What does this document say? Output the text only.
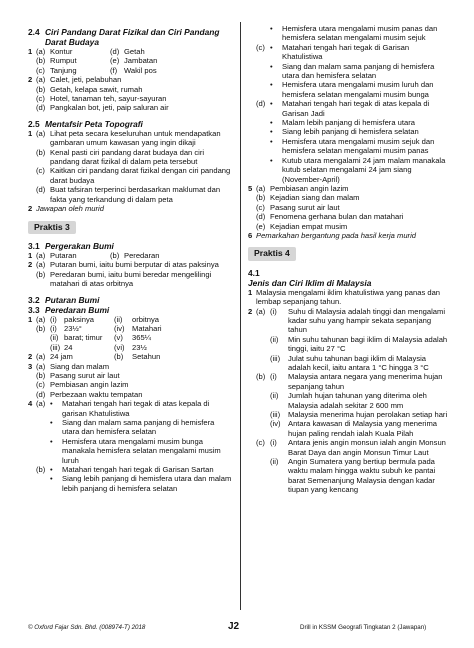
2.4 Ciri Pandang Darat Fizikal dan Ciri Pandang Darat Budaya
1 (a) Kontur	(d) Getah
(b) Rumput	(e) Jambatan
(c) Tanjung	(f) Wakil pos
2 (a) Calet, jeti, pelabuhan
(b) Getah, kelapa sawit, rumah
(c) Hotel, tanaman teh, sayur-sayuran
(d) Pangkalan bot, jeti, paip saluran air
2.5 Mentafsir Peta Topografi
1 (a) Lihat peta secara keseluruhan untuk mendapatkan gambaran umum kawasan yang ingin dikaji
(b) Kenal pasti ciri pandang darat budaya dan ciri pandang darat fizikal di dalam peta tersebut
(c) Kaitkan ciri pandang darat fizikal dengan ciri pandang darat budaya
(d) Buat tafsiran terperinci berdasarkan maklumat dan fakta yang terkandung di dalam peta
2 Jawapan oleh murid
Praktis 3
3.1 Pergerakan Bumi
1 (a) Putaran	(b) Peredaran
2 (a) Putaran bumi, iaitu bumi berputar di atas paksinya
(b) Peredaran bumi, iaitu bumi beredar mengelilingi matahari di atas orbitnya
3.2 Putaran Bumi
3.3 Peredaran Bumi
1 (a) (i) paksinya	(ii)	orbitnya
(b) (i) 23½°	(iv) Matahari
(ii) barat; timur	(v)	365¼
(iii) 24	(vi) 23½
2 (a) 24 jam	(b)	Setahun
3 (a) Siang dan malam
(b) Pasang surut air laut
(c) Pembiasan angin lazim
(d) Perbezaan waktu tempatan
4 (a) •	Matahari tengah hari tegak di atas kepala di garisan Khatulistiwa
•	Siang dan malam sama panjang di hemisfera utara dan hemisfera selatan
•	Hemisfera utara mengalami musim bunga manakala hemisfera selatan mengalami musim luruh
(b) •	Matahari tengah hari tegak di Garisan Sartan
•	Siang lebih panjang di hemisfera utara dan malam lebih panjang di hemisfera selatan
•	Hemisfera utara mengalami musim panas dan hemisfera selatan mengalami musim sejuk
(c) •	Matahari tengah hari tegak di Garisan Khatulistiwa
•	Siang dan malam sama panjang di hemisfera utara dan hemisfera selatan
•	Hemisfera utara mengalami musim luruh dan hemisfera selatan mengalami musim bunga
(d) •	Matahari tengah hari tegak di atas kepala di Garisan Jadi
•	Malam lebih panjang di hemisfera utara
•	Siang lebih panjang di hemisfera selatan
•	Hemisfera utara mengalami musim sejuk dan hemisfera selatan mengalami musim panas
•	Kutub utara mengalami 24 jam malam manakala kutub selatan mengalami 24 jam siang (November-April)
5 (a) Pembiasan angin lazim
(b) Kejadian siang dan malam
(c) Pasang surut air laut
(d) Fenomena gerhana bulan dan matahari
(e) Kejadian empat musim
6 Pemarkahan bergantung pada hasil kerja murid
Praktis 4
4.1Jenis dan Ciri Iklim di Malaysia
1 Malaysia mengalami iklim khatulistiwa yang panas dan lembap sepanjang tahun.
2 (a) (i)	Suhu di Malaysia adalah tinggi dan mengalami kadar suhu yang hampir sekata sepanjang tahun
(ii)	Min suhu tahunan bagi iklim di Malaysia adalah tinggi, iaitu 27 °C
(iii)	Julat suhu tahunan bagi iklim di Malaysia adalah kecil, iaitu antara 1 °C hingga 3 °C
(b) (i)	Malaysia antara negara yang menerima hujan sepanjang tahun
(ii)	Jumlah hujan tahunan yang diterima oleh Malaysia adalah sekitar 2 600 mm
(iii)	Malaysia menerima hujan perolakan setiap hari
(iv) Antara kawasan di Malaysia yang menerima hujan paling rendah ialah Kuala Pilah
(c) (i)	Antara jenis angin monsun ialah angin Monsun Barat Daya dan angin Monsun Timur Laut
(ii)	Angin Sumatera yang bertiup bermula pada waktu malam hingga waktu subuh ke pantai barat Semenanjung Malaysia dengan kadar tiupan yang kencang
© Oxford Fajar Sdn. Bhd. (008974-T) 2018	J2	Drill in KSSM Geografi Tingkatan 2 (Jawapan)
